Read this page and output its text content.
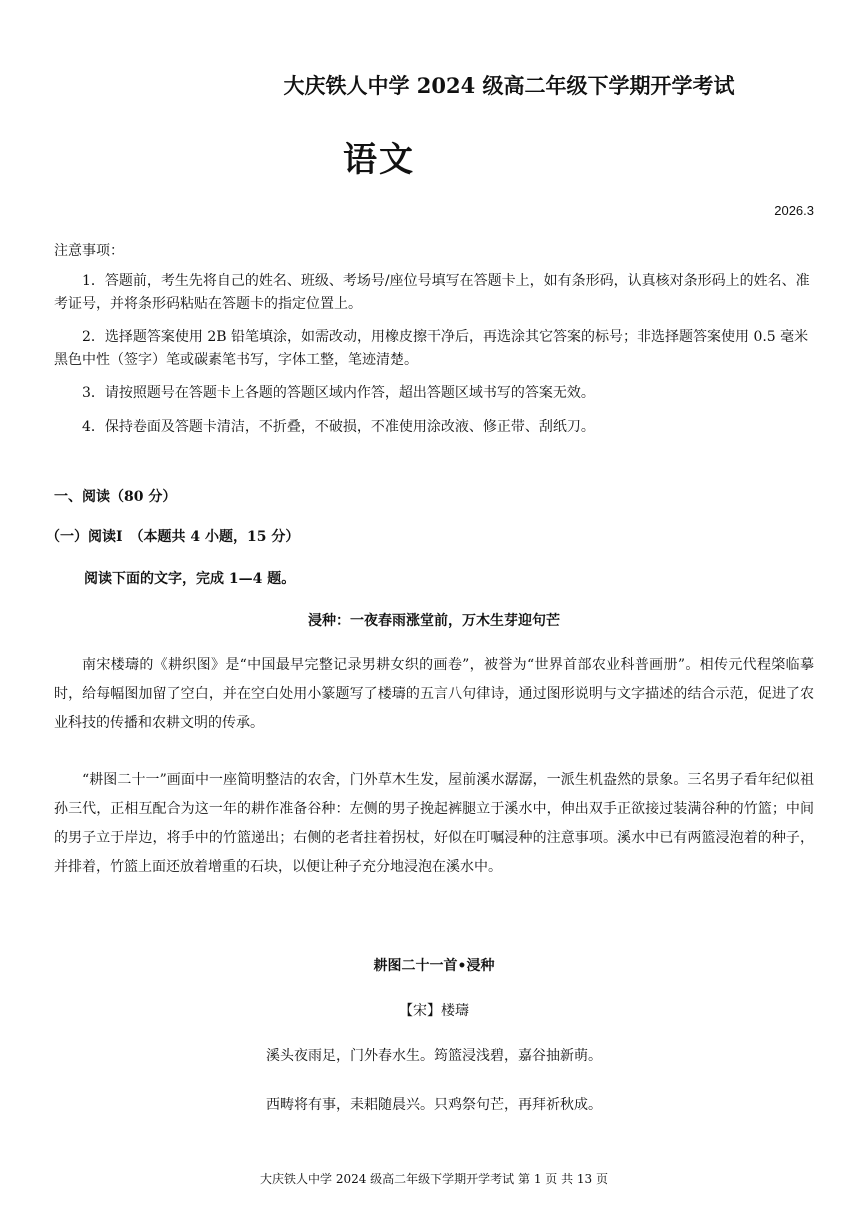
大庆铁人中学 2024 级高二年级下学期开学考试
语文
2026.3
注意事项：
1．答题前，考生先将自己的姓名、班级、考场号/座位号填写在答题卡上，如有条形码，认真核对条形码上的姓名、准考证号，并将条形码粘贴在答题卡的指定位置上。
2．选择题答案使用 2B 铅笔填涂，如需改动，用橡皮擦干净后，再选涂其它答案的标号；非选择题答案使用 0.5 毫米黑色中性（签字）笔或碳素笔书写，字体工整，笔迹清楚。
3．请按照题号在答题卡上各题的答题区域内作答，超出答题区域书写的答案无效。
4．保持卷面及答题卡清洁，不折叠，不破损，不准使用涂改液、修正带、刮纸刀。
一、阅读（80 分）
（一）阅读Ⅰ　（本题共 4 小题，15 分）
阅读下面的文字，完成 1—4 题。
浸种：一夜春雨涨堂前，万木生芽迎句芒
南宋楼璹的《耕织图》是“中国最早完整记录男耕女织的画卷”，被誉为“世界首部农业科普画册”。相传元代程棨临摹时，给每幅图加留了空白，并在空白处用小篆题写了楼璹的五言八句律诗，通过图形说明与文字描述的结合示范，促进了农业科技的传播和农耕文明的传承。
“耕图二十一”画面中一座简明整洁的农舍，门外草木生发，屋前溪水潺潺，一派生机盎然的景象。三名男子看年纪似祖孙三代，正相互配合为这一年的耕作准备谷种：左侧的男子挽起裤腿立于溪水中，伸出双手正欲接过装满谷种的竹篮；中间的男子立于岸边，将手中的竹篮递出；右侧的老者拄着拐杖，好似在叮嘱浸种的注意事项。溪水中已有两篮浸泡着的种子，并排着，竹篮上面还放着增重的石块，以便让种子充分地浸泡在溪水中。
耕图二十一首•浸种
【宋】楼璹
溪头夜雨足，门外春水生。筠篮浸浅碧，嘉谷抽新萌。
西畴将有事，耒耜随晨兴。只鸡祭句芒，再拜祈秋成。
大庆铁人中学 2024 级高二年级下学期开学考试 第 1 页 共 13 页
